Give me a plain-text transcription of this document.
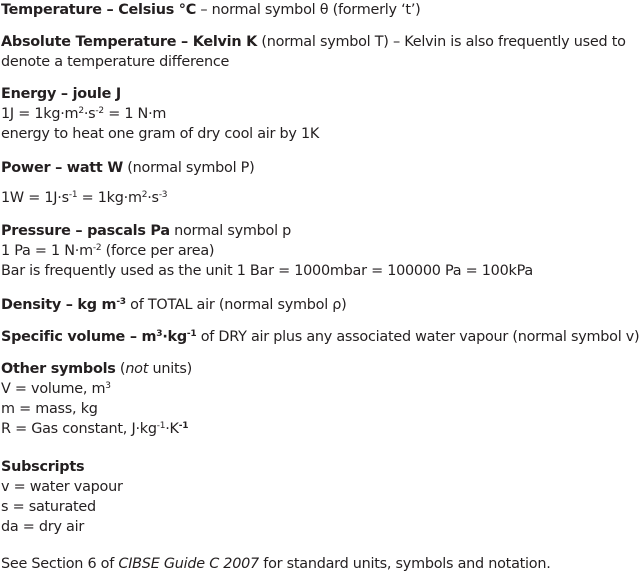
Temperature – Celsius °C – normal symbol θ (formerly ‘t’)
Absolute Temperature – Kelvin K (normal symbol T) – Kelvin is also frequently used to denote a temperature difference
Energy – joule J
$1J = 1kg\cdot m^2\cdot s^{-2} = 1$ N·m
energy to heat one gram of dry cool air by 1K
Power – watt W (normal symbol P)
$1W = 1J\cdot s^{-1} = 1kg\cdot m^2\cdot s^{-3}$
Pressure – pascals Pa normal symbol p
1 Pa = 1 $N\cdot m^{-2}$ (force per area)
Bar is frequently used as the unit 1 Bar = 1000mbar = 100000 Pa = 100kPa
Density – kg $m^{-3}$ of TOTAL air (normal symbol ρ)
Specific volume – $m^3\cdot kg^{-1}$ of DRY air plus any associated water vapour (normal symbol v)
Other symbols (not units)
V = volume, $m^3$
m = mass, kg
R = Gas constant, $J\cdot kg^{-1}\cdot K^{-1}$
Subscripts
v = water vapour
s = saturated
da = dry air
See Section 6 of CIBSE Guide C 2007 for standard units, symbols and notation.
